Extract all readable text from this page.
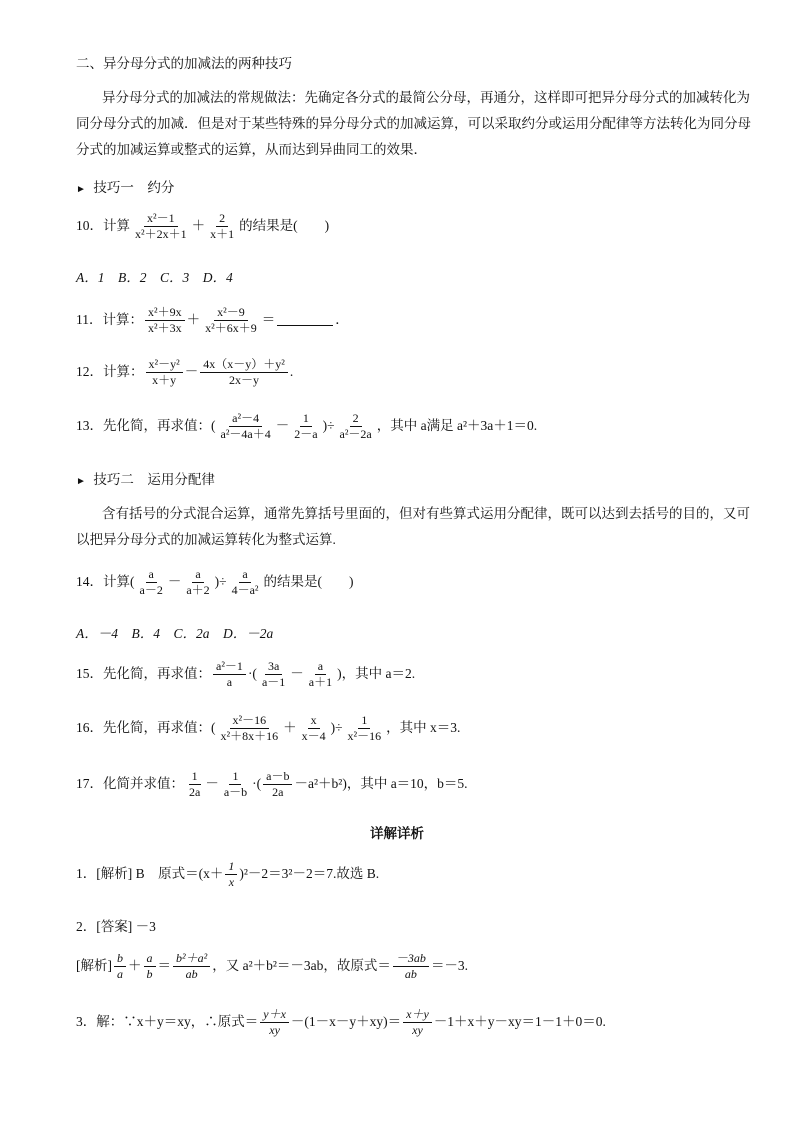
二、异分母分式的加减法的两种技巧
异分母分式的加减法的常规做法：先确定各分式的最简公分母，再通分，这样即可把异分母分式的加减转化为
同分母分式的加减．但是对于某些特殊的异分母分式的加减运算，可以采取约分或运用分配律等方法转化为同分母
分式的加减运算或整式的运算，从而达到异曲同工的效果．
► 技巧一　约分
10．计算 $\frac{\text{x²－1}}{\text{x²＋2x＋1}} + \frac{2}{x+1}$ 的结果是(　　)
A．1　B．2　C．3　D．4
11．计算： $\frac{\text{x²＋9x}}{\text{x²＋3x}} + \frac{\text{x²－9}}{\text{x²＋6x＋9}}$ ＝	．
12．计算： $\frac{\text{x²－y²}}{x+y} - \frac{\text{4x（x－y）＋y²}}{2x-y}$ .
13．先化简，再求值：( $\frac{\text{a²－4}}{\text{a²－4a＋4}} - \frac{1}{2-a}$ )÷ $\frac{2}{\text{a²－2a}}$ ，其中 a满足 a²＋3a＋1＝0.
► 技巧二　运用分配律
含有括号的分式混合运算，通常先算括号里面的，但对有些算式运用分配律，既可以达到去括号的目的，又可
以把异分母分式的加减运算转化为整式运算.
14．计算( $\frac{a}{a-2} - \frac{a}{a+2}$ )÷ $\frac{a}{\text{4－a²}}$ 的结果是(　　)
A．－4　B．4　C．2a　D．－2a
15．先化简，再求值： $\frac{\text{a²－1}}{a}$ ·( $\frac{3a}{a-1} - \frac{a}{a+1}$ )，其中 a＝2.
16．先化简，再求值：( $\frac{\text{x²－16}}{\text{x²＋8x＋16}} + \frac{x}{x-4}$ )÷ $\frac{1}{\text{x²－16}}$ ，其中 x＝3.
17．化简并求值： $\frac{1}{2a} - \frac{1}{a-b}$ ·( $\frac{a-b}{2a} -a^2+b^2$)，其中 a＝10，b＝5.
详解详析
1．[解析] B　原式$=(x+ \frac{1}{x} )^2-2=3^2-2=7$.故选 B.
2．[答案] －3
[解析] $\frac{b}{a} + \frac{a}{b} = \frac{\text{b²＋a²}}{ab}$ ，又 a²＋b²＝－3ab，故原式＝ $\frac{-3ab}{ab} =-3$.
3．解：∵x＋y＝xy，∴原式＝ $\frac{y+x}{xy} -(1-x-y+xy)= \frac{x+y}{xy} -1+x+y-xy=1-1+0=0$.
